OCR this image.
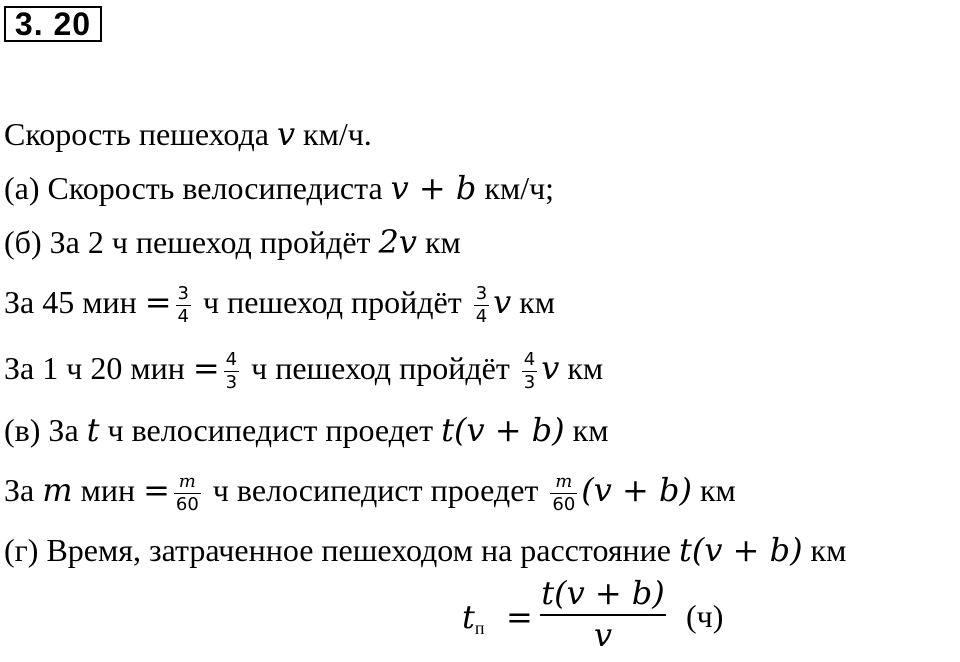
3. 20
Скорость пешехода v км/ч.
(а) Скорость велосипедиста v + b км/ч;
(б) За 2 ч пешеход пройдёт 2v км
За 45 мин = $\frac{3}{4}$ ч пешеход пройдёт $\frac{3}{4}$ v км
За 1 ч 20 мин = $\frac{4}{3}$ ч пешеход пройдёт $\frac{4}{3}$ v км
(в) За t ч велосипедист проедет t(v + b) км
За m мин = $\frac{m}{60}$ ч велосипедист проедет $\frac{m}{60} (v + b)$ км
(г) Время, затраченное пешеходом на расстояние t(v + b) км
$t_п = \frac{t(v + b)}{v} (ч)$
